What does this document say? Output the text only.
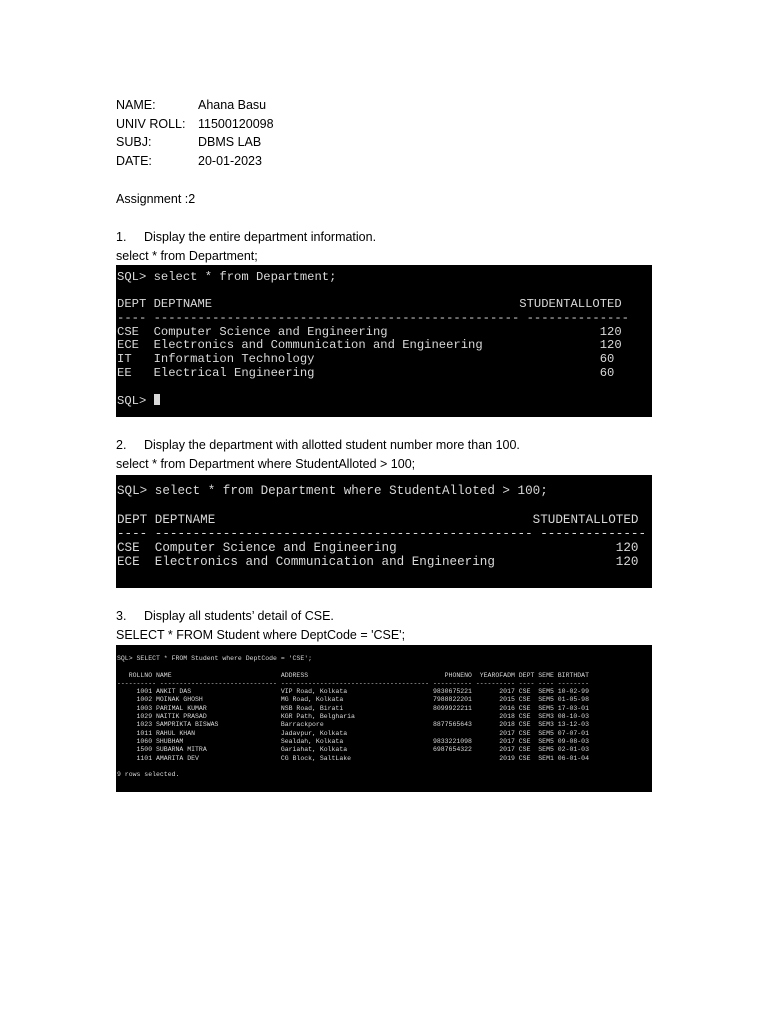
NAME:	Ahana Basu
UNIV ROLL:	11500120098
SUBJ:	DBMS LAB
DATE:	20-01-2023
Assignment :2
1. Display the entire department information.
select * from Department;
SQL> select * from Department;
DEPT DEPTNAME                                          STUDENTALLOTED
---- -------------------------------------------------- --------------
CSE  Computer Science and Engineering                             120
ECE  Electronics and Communication and Engineering                120
IT   Information Technology                                       60
EE   Electrical Engineering                                       60
SQL>
2. Display the department with allotted student number more than 100.
select * from Department where StudentAlloted > 100;
SQL> select * from Department where StudentAlloted > 100;
DEPT DEPTNAME                                          STUDENTALLOTED
---- -------------------------------------------------- --------------
CSE  Computer Science and Engineering                             120
ECE  Electronics and Communication and Engineering                120
3. Display all students’ detail of CSE.
SELECT * FROM Student where DeptCode = 'CSE';
SQL> SELECT * FROM Student where DeptCode = 'CSE';
ROLLNO NAME                            ADDRESS                                   PHONENO  YEAROFADM DEPT SEME BIRTHDAT
---------- ------------------------------ -------------------------------------- ---------- ---------- ---- ---- --------
1001 ANKIT DAS                       VIP Road, Kolkata                      9830675221       2017 CSE  SEM5 10-02-99
1002 MOINAK GHOSH                    MG Road, Kolkata                       7988822201       2015 CSE  SEM5 01-05-98
1003 PARIMAL KUMAR                   NSB Road, Birati                       8099922211       2016 CSE  SEM5 17-03-01
1029 NAITIK PRASAD                   KGR Path, Belgharia                                     2018 CSE  SEM3 08-10-03
1023 SAMPRIKTA BISWAS                Barrackpore                            8877565643       2018 CSE  SEM3 13-12-03
1011 RAHUL KHAN                      Jadavpur, Kolkata                                       2017 CSE  SEM5 07-07-01
1060 SHUBHAM                         Sealdah, Kolkata                       9833221098       2017 CSE  SEM5 09-08-03
1500 SUBARNA MITRA                   Gariahat, Kolkata                      6987654322       2017 CSE  SEM5 02-01-03
1101 AMARITA DEV                     CG Block, SaltLake                                      2019 CSE  SEM1 06-01-04
9 rows selected.
